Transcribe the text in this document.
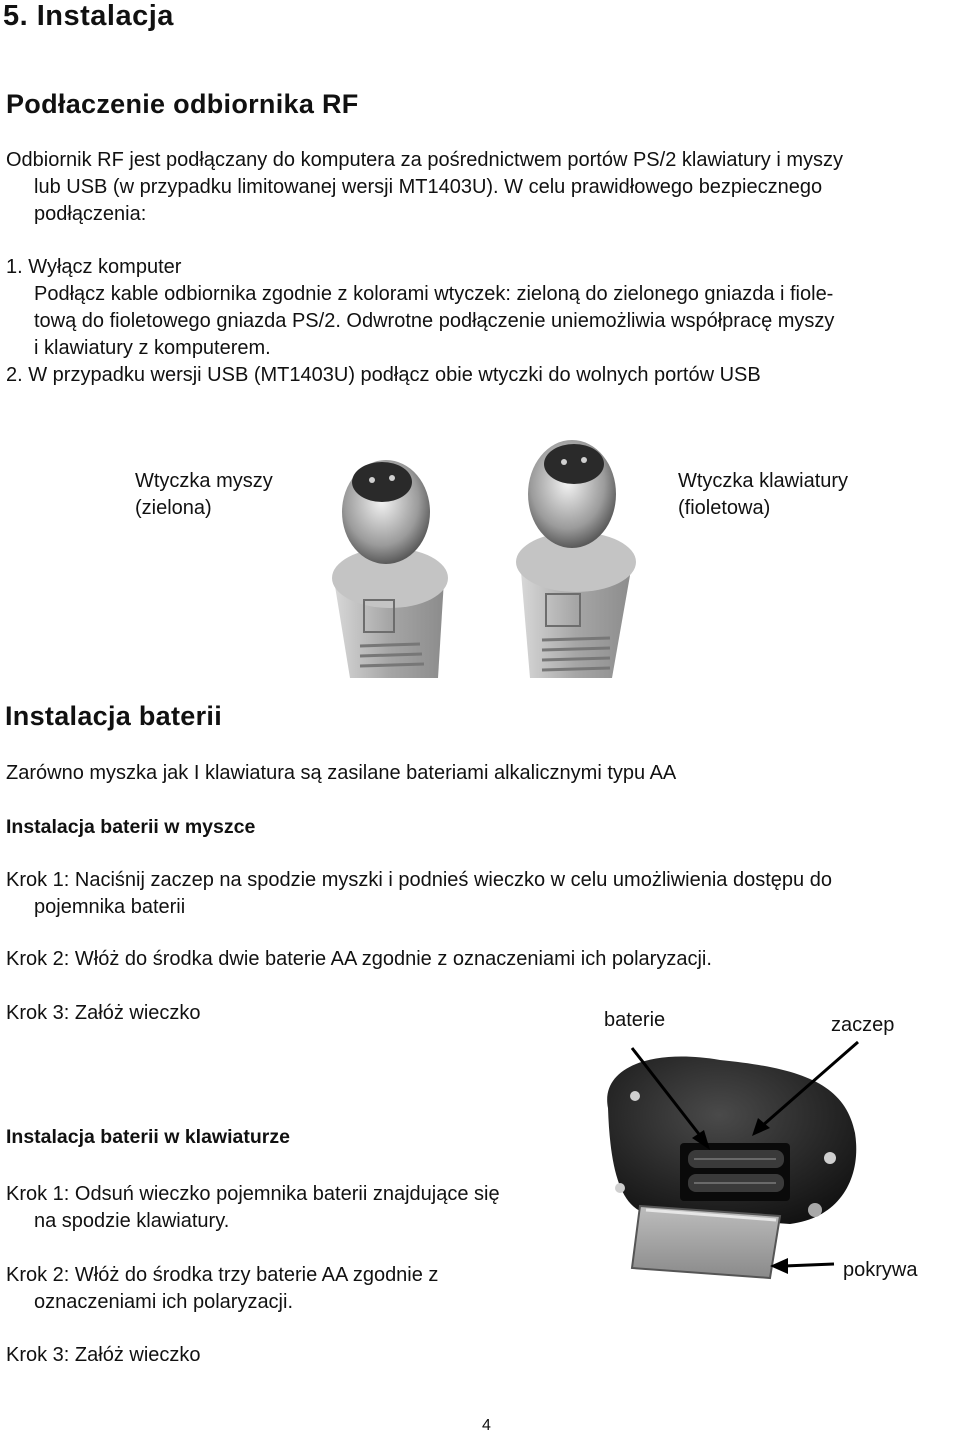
5. Instalacja
Podłaczenie odbiornika RF
Odbiornik RF jest podłączany do komputera za pośrednictwem portów PS/2 klawiatury i myszy
lub USB (w przypadku limitowanej wersji MT1403U). W celu prawidłowego bezpiecznego
podłączenia:
1. Wyłącz komputer
Podłącz kable odbiornika zgodnie z kolorami wtyczek: zieloną do zielonego gniazda i fiole-
tową do fioletowego gniazda PS/2. Odwrotne podłączenie uniemożliwia współpracę myszy
i klawiatury z komputerem.
2. W przypadku wersji USB (MT1403U) podłącz obie wtyczki do wolnych portów USB
Wtyczka myszy
(zielona)
Wtyczka klawiatury
(fioletowa)
Instalacja baterii
Zarówno myszka jak I klawiatura są zasilane bateriami alkalicznymi typu AA
Instalacja baterii w myszce
Krok 1: Naciśnij zaczep na spodzie myszki i podnieś wieczko w celu umożliwienia dostępu do
pojemnika baterii
Krok 2: Włóż do środka dwie baterie AA zgodnie z oznaczeniami ich polaryzacji.
Krok 3: Załóż wieczko	baterie	zaczep
pokrywa
Instalacja baterii w klawiaturze
Krok 1: Odsuń wieczko pojemnika baterii znajdujące się
na spodzie klawiatury.
Krok 2: Włóż do środka trzy baterie AA zgodnie z
oznaczeniami ich polaryzacji.
Krok 3: Załóż wieczko
4
